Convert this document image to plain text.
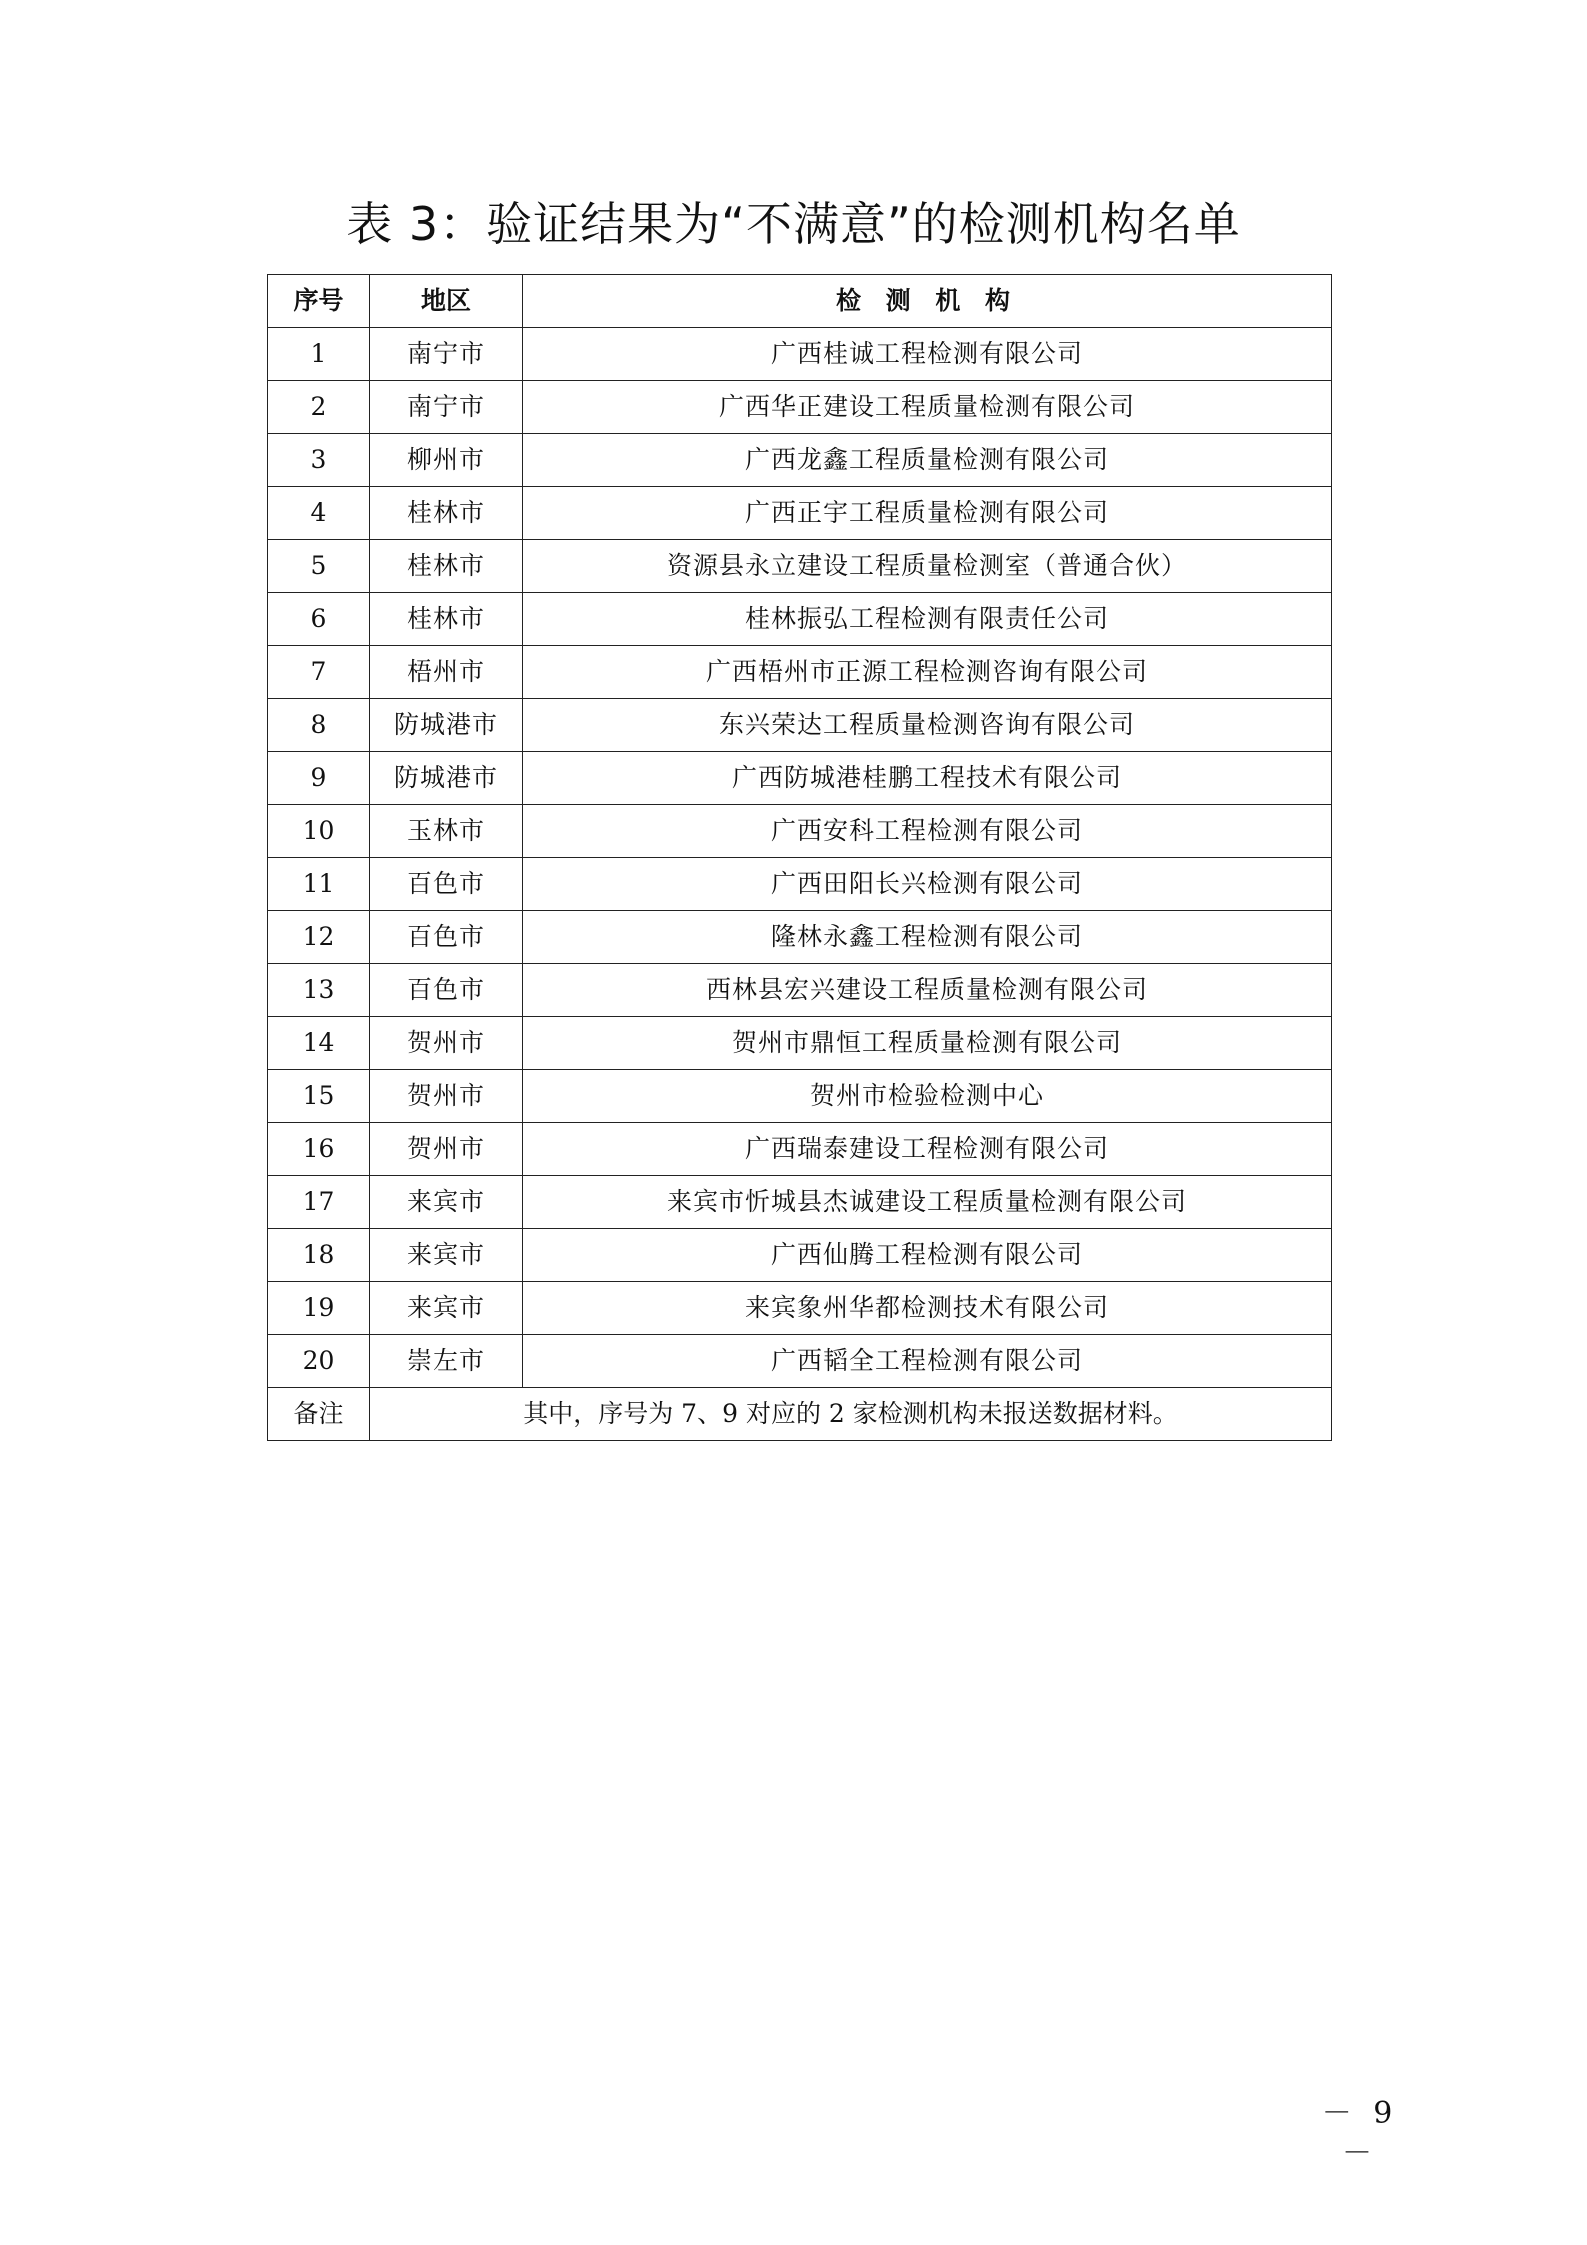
表 3：验证结果为“不满意”的检测机构名单
序号	地区	检 测 机 构
1	南宁市	广西桂诚工程检测有限公司
2	南宁市	广西华正建设工程质量检测有限公司
3	柳州市	广西龙鑫工程质量检测有限公司
4	桂林市	广西正宇工程质量检测有限公司
5	桂林市	资源县永立建设工程质量检测室（普通合伙）
6	桂林市	桂林振弘工程检测有限责任公司
7	梧州市	广西梧州市正源工程检测咨询有限公司
8	防城港市	东兴荣达工程质量检测咨询有限公司
9	防城港市	广西防城港桂鹏工程技术有限公司
10	玉林市	广西安科工程检测有限公司
11	百色市	广西田阳长兴检测有限公司
12	百色市	隆林永鑫工程检测有限公司
13	百色市	西林县宏兴建设工程质量检测有限公司
14	贺州市	贺州市鼎恒工程质量检测有限公司
15	贺州市	贺州市检验检测中心
16	贺州市	广西瑞泰建设工程检测有限公司
17	来宾市	来宾市忻城县杰诚建设工程质量检测有限公司
18	来宾市	广西仙腾工程检测有限公司
19	来宾市	来宾象州华都检测技术有限公司
20	崇左市	广西韬全工程检测有限公司
备注	其中，序号为 7、9 对应的 2 家检测机构未报送数据材料。	
－ 9 －
